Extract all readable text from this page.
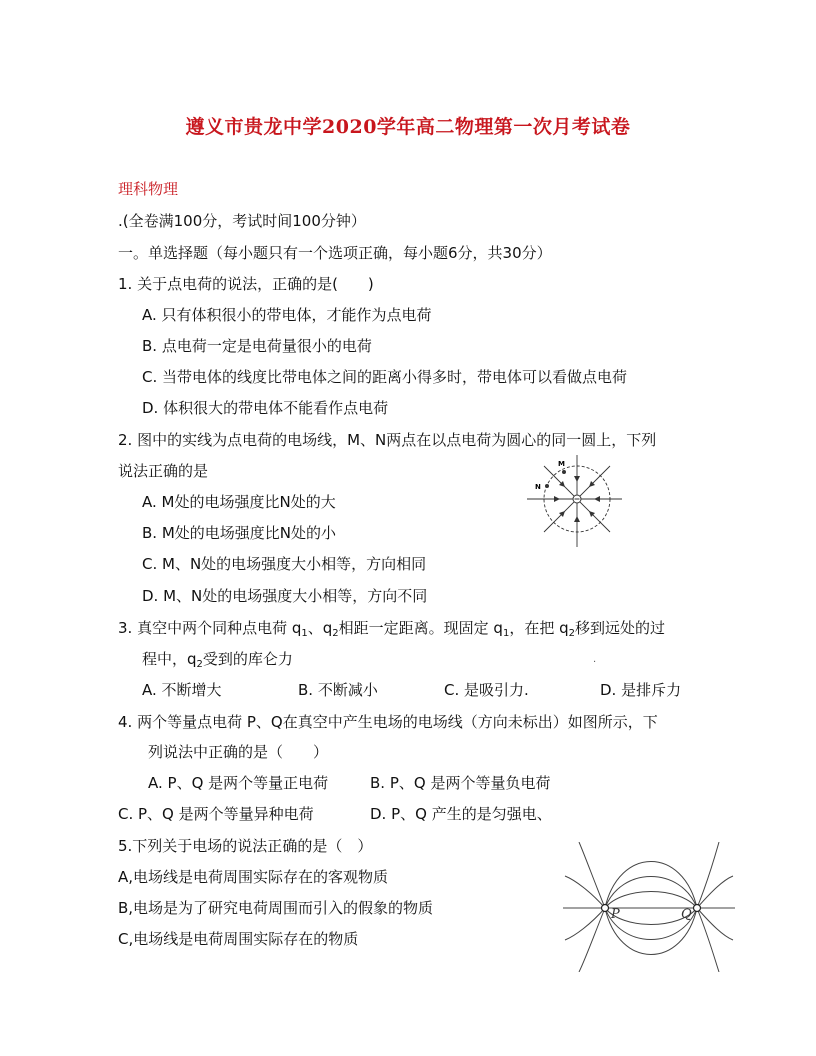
遵义市贵龙中学2020学年高二物理第一次月考试卷
理科物理
.(全卷满100分，考试时间100分钟）
一。单选择题（每小题只有一个选项正确，每小题6分，共30分）
1. 关于点电荷的说法，正确的是(　　)
A. 只有体积很小的带电体，才能作为点电荷
B. 点电荷一定是电荷量很小的电荷
C. 当带电体的线度比带电体之间的距离小得多时，带电体可以看做点电荷
D. 体积很大的带电体不能看作点电荷
2. 图中的实线为点电荷的电场线，M、N两点在以点电荷为圆心的同一圆上，下列
说法正确的是
A. M处的电场强度比N处的大
B. M处的电场强度比N处的小
C. M、N处的电场强度大小相等，方向相同
D. M、N处的电场强度大小相等，方向不同
M
N
3. 真空中两个同种点电荷 $q_1$、$q_2$相距一定距离。现固定 $q_1$，在把 $q_2$移到远处的过
程中，$q_2$受到的库仑力	.
A. 不断增大	B. 不断减小	C. 是吸引力.	D. 是排斥力
4. 两个等量点电荷 P、Q在真空中产生电场的电场线（方向未标出）如图所示，下
列说法中正确的是（　　）
A. P、Q 是两个等量正电荷	B. P、Q 是两个等量负电荷
C. P、Q 是两个等量异种电荷	D. P、Q 产生的是匀强电、
5.下列关于电场的说法正确的是（　）
A,电场线是电荷周围实际存在的客观物质
B,电场是为了研究电荷周围而引入的假象的物质
C,电场线是电荷周围实际存在的物质
P	Q
